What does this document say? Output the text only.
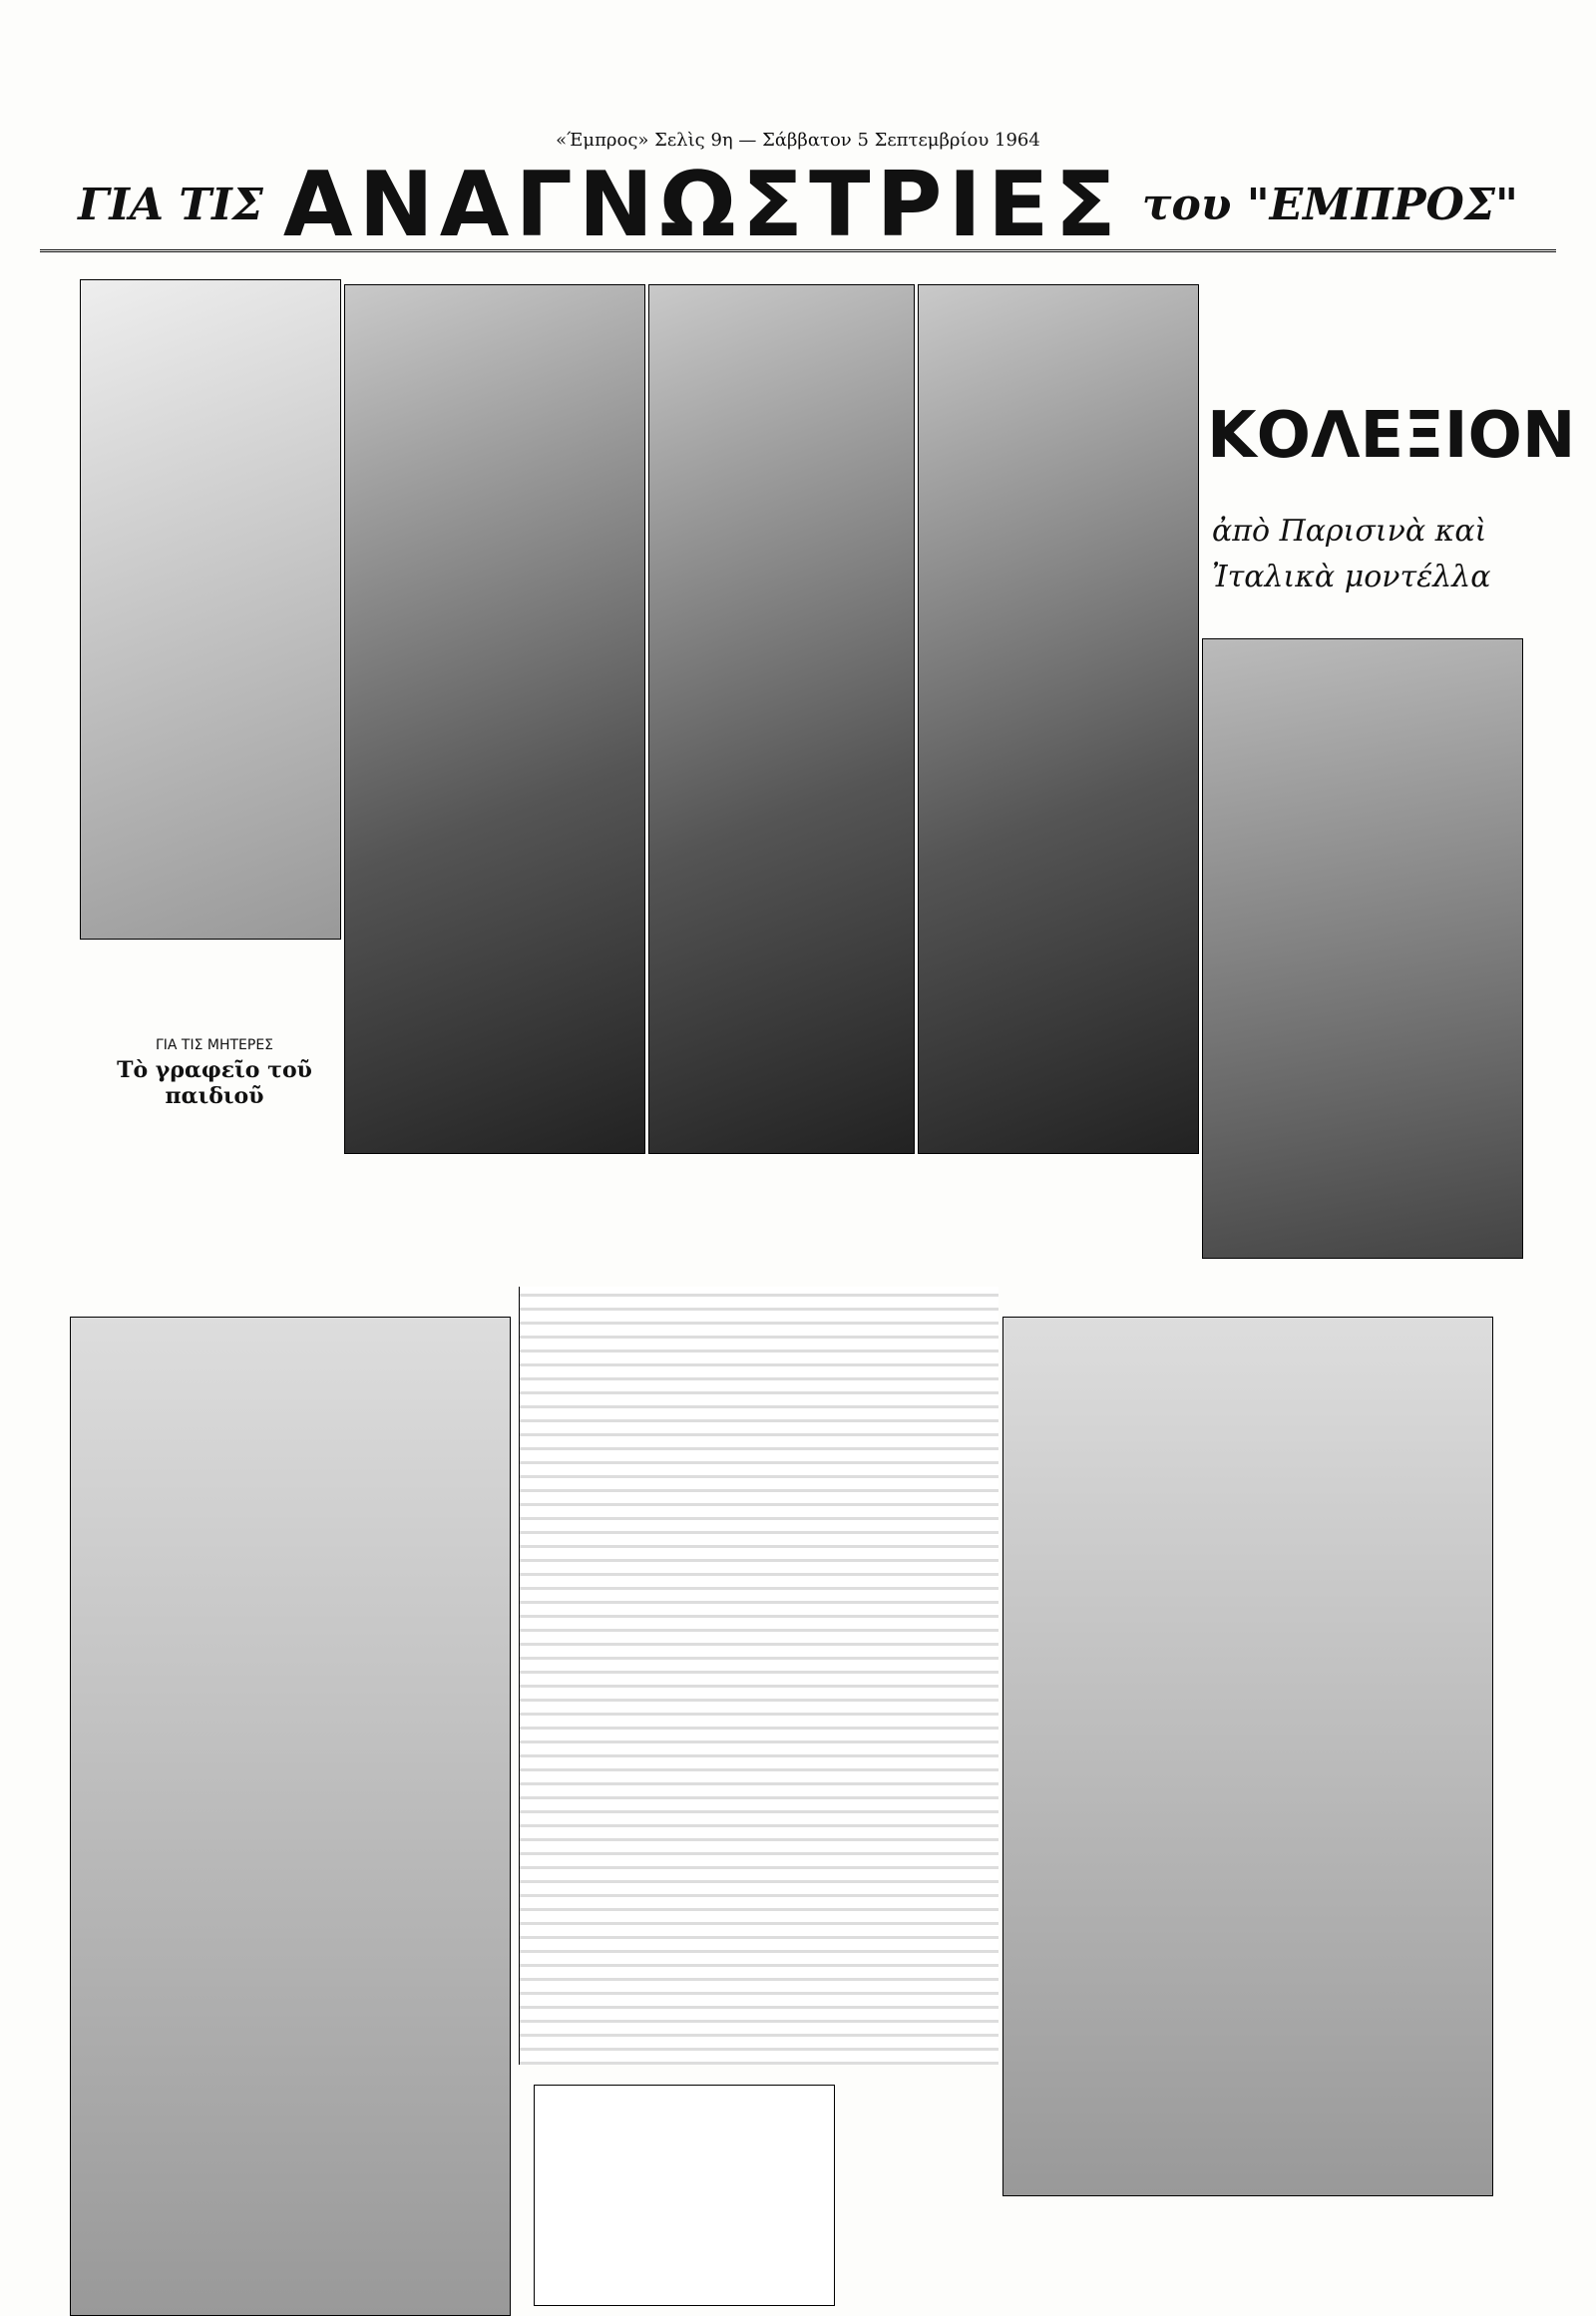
«Έμπρος» Σελὶς 9η — Σάββατον 5 Σεπτεμβρίου 1964
ΓΙΑ ΤΙΣ ΑΝΑΓΝΩΣΤΡΙΕΣ του "ΕΜΠΡΟΣ"
ΚΟΛΕΞΙΟΝ
ἀπὸ Παρισινὰ καὶ Ἰταλικὰ μοντέλλα
ΓΙΑ ΤΙΣ ΜΗΤΕΡΕΣ
Τὸ γραφεῖο τοῦ παιδιοῦ
